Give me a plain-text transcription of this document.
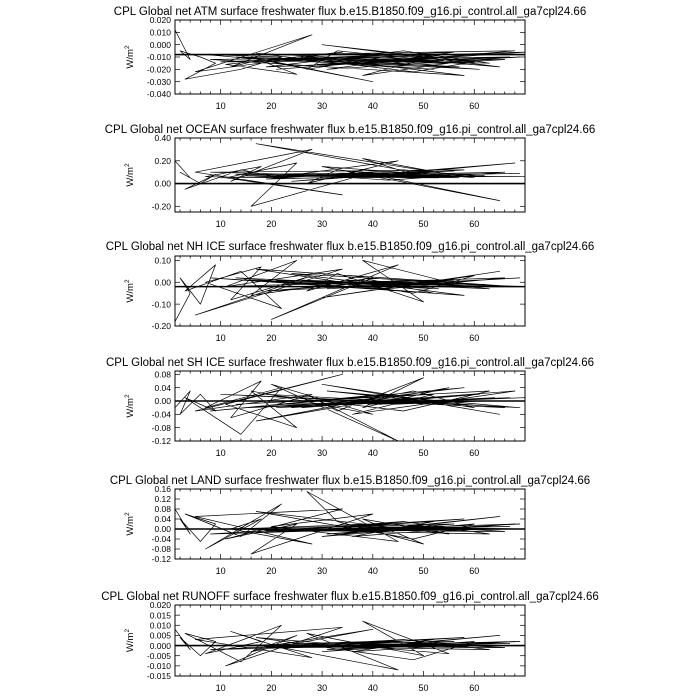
CPL Global net ATM surface freshwater flux b.e15.B1850.f09_g16.pi_control.all_ga7cpl24.66
10	20	30	40	50	60
-0.040
-0.030
-0.020
-0.010
0.000
0.010
0.020
$W/m^2$
CPL Global net OCEAN surface freshwater flux b.e15.B1850.f09_g16.pi_control.all_ga7cpl24.66
10	20	30	40	50	60
-0.20
0.00
0.20
0.40
$W/m^2$
CPL Global net NH ICE surface freshwater flux b.e15.B1850.f09_g16.pi_control.all_ga7cpl24.66
10	20	30	40	50	60
-0.20
-0.10
0.00
0.10
$W/m^2$
CPL Global net SH ICE surface freshwater flux b.e15.B1850.f09_g16.pi_control.all_ga7cpl24.66
10	20	30	40	50	60
-0.12
-0.08
-0.04
0.00
0.04
0.08
$W/m^2$
CPL Global net LAND surface freshwater flux b.e15.B1850.f09_g16.pi_control.all_ga7cpl24.66
10	20	30	40	50	60
-0.12
-0.08
-0.04
0.00
0.04
0.08
0.12
0.16
$W/m^2$
CPL Global net RUNOFF surface freshwater flux b.e15.B1850.f09_g16.pi_control.all_ga7cpl24.66
10	20	30	40	50	60
-0.015
-0.010
-0.005
0.000
0.005
0.010
0.015
0.020
$W/m^2$
